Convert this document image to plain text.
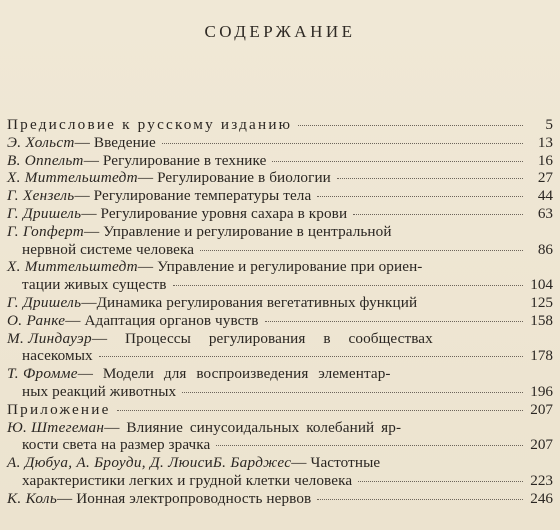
СОДЕРЖАНИЕ
Предисловие к русскому изданию	5
Э. Хольст — Введение	13
В. Оппельт — Регулирование в технике	16
Х. Миттельштедт — Регулирование в биологии	27
Г. Хензель — Регулирование температуры тела	44
Г. Дришель — Регулирование уровня сахара в крови	63
Г. Гопферт — Управление и регулирование в центральной
нервной системе человека	86
Х. Миттельштедт — Управление и регулирование при ориен-
тации живых существ	104
Г. Дришель —Динамика регулирования вегетативных функций	125
О. Ранке — Адаптация органов чувств	158
М. Линдауэр — Процессы регулирования в сообществах
насекомых	178
Т. Фромме — Модели для воспроизведения элементар-
ных реакций животных	196
Приложение	207
Ю. Штегеман — Влияние синусоидальных колебаний яр-
кости света на размер зрачка	207
А. Дюбуа, А. Броуди, Д. Люис и Б. Барджес — Частотные
характеристики легких и грудной клетки человека	223
К. Коль — Ионная электропроводность нервов	246
